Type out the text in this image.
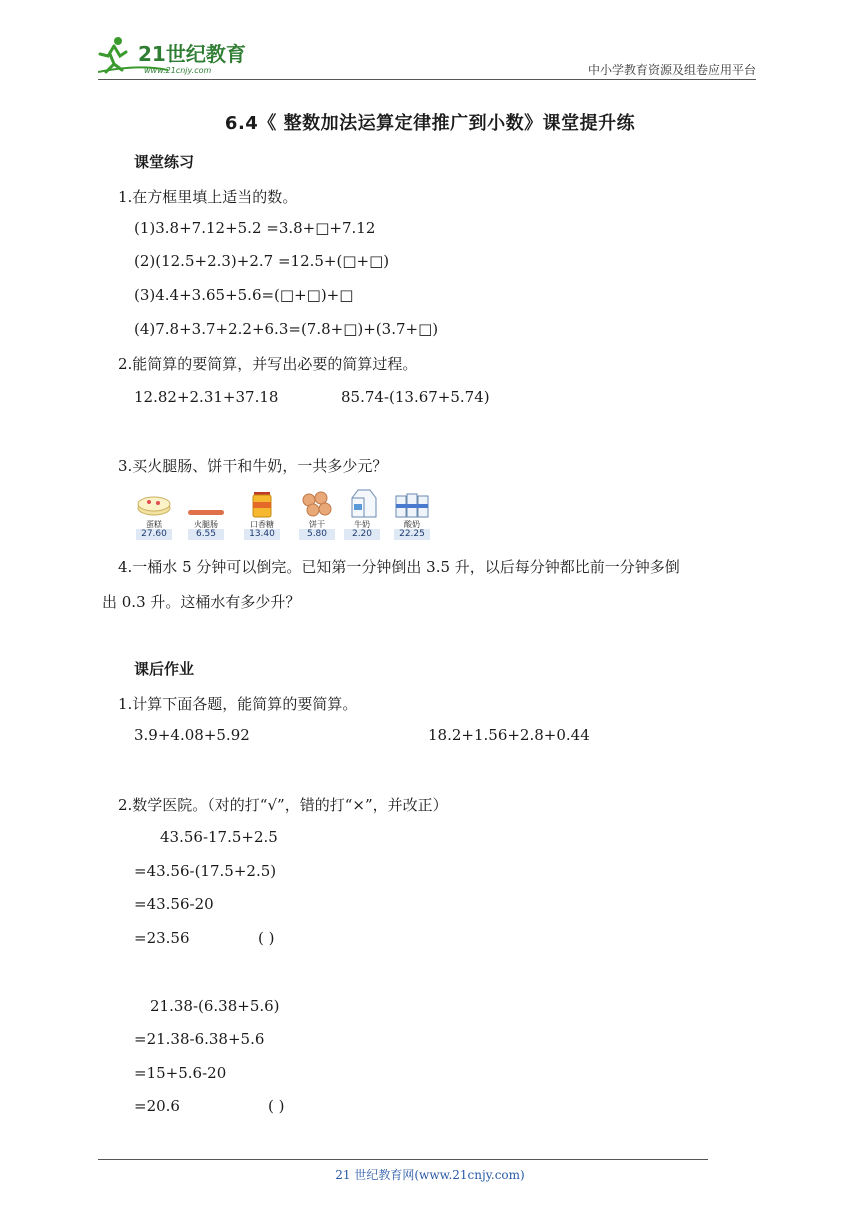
21世纪教育
www.21cnjy.com	中小学教育资源及组卷应用平台
6.4《 整数加法运算定律推广到小数》课堂提升练
课堂练习
1.在方框里填上适当的数。
(1)3.8+7.12+5.2 =3.8+□+7.12
(2)(12.5+2.3)+2.7 =12.5+(□+□)
(3)4.4+3.65+5.6=(□+□)+□
(4)7.8+3.7+2.2+6.3=(7.8+□)+(3.7+□)
2.能简算的要简算，并写出必要的简算过程。
12.82+2.31+37.18	85.74-(13.67+5.74)
3.买火腿肠、饼干和牛奶，一共多少元？
蛋糕
27.60
火腿肠
6.55
口香糖
13.40
饼干
5.80
牛奶
2.20
酸奶
22.25
4.一桶水 5 分钟可以倒完。已知第一分钟倒出 3.5 升，以后每分钟都比前一分钟多倒
出 0.3 升。这桶水有多少升？
课后作业
1.计算下面各题，能简算的要简算。
3.9+4.08+5.92	18.2+1.56+2.8+0.44
2.数学医院。（对的打“√”，错的打“×”，并改正）
43.56-17.5+2.5
=43.56-(17.5+2.5)
=43.56-20
=23.56	( )
21.38-(6.38+5.6)
=21.38-6.38+5.6
=15+5.6-20
=20.6	( )
21 世纪教育网(www.21cnjy.com)
